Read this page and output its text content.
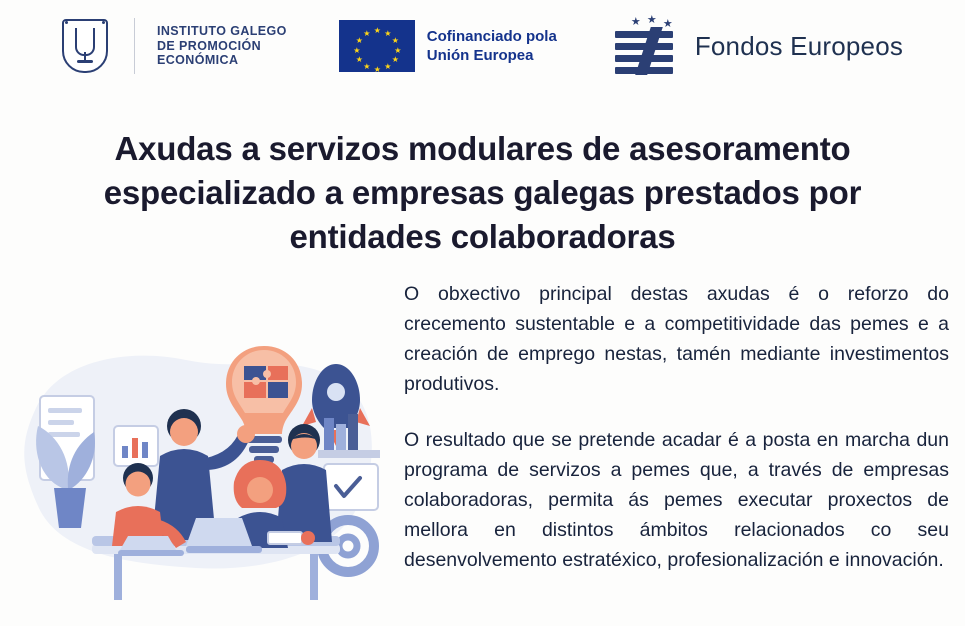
INSTITUTO GALEGO
DE PROMOCIÓN
ECONÓMICA
★ ★
★
★
★
★
★
★
★
★
★
★	Cofinanciado pola
Unión Europea
★ ★ ★
Fondos Europeos
Axudas a servizos modulares de asesoramento especializado a empresas galegas prestados por entidades colaboradoras

O obxectivo principal destas axudas é o reforzo do crecemento sustentable e a competitividade das pemes e a creación de emprego nestas, tamén mediante investimentos produtivos.

O resultado que se pretende acadar é a posta en marcha dun programa de servizos a pemes que, a través de empresas colaboradoras, permita ás pemes executar proxectos de mellora en distintos ámbitos relacionados co seu desenvolvemento estratéxico, profesionalización e innovación.
